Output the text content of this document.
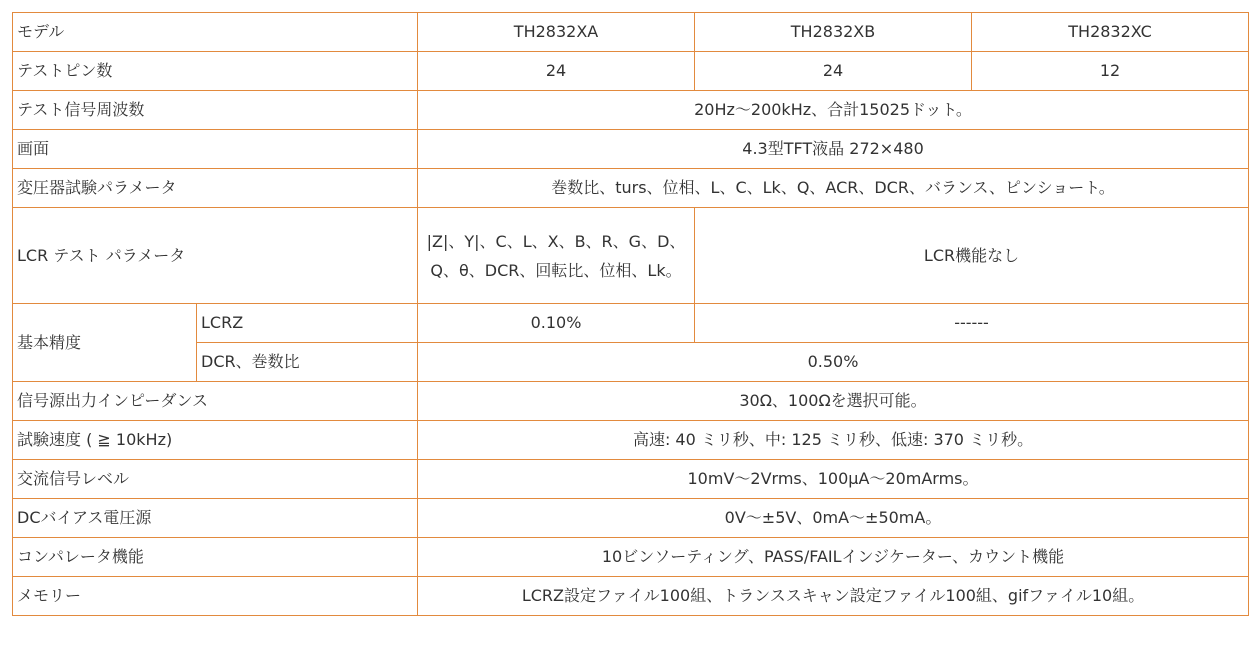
モデル		TH2832XA	TH2832XB	TH2832XC
テストピン数		24	24	12
テスト信号周波数		20Hz〜200kHz、合計15025ドット。		
画面		4.3型TFT液晶 272×480		
変圧器試験パラメータ		巻数比、turs、位相、L、C、Lk、Q、ACR、DCR、バランス、ピンショート。		
LCR テスト パラメータ		|Z|、Y|、C、L、X、B、R、G、D、Q、θ、DCR、回転比、位相、Lk。	LCR機能なし	
基本精度	LCRZ	0.10%	------	
	DCR、巻数比	0.50%		
信号源出力インピーダンス		30Ω、100Ωを選択可能。		
試験速度 ( ≧ 10kHz)		高速: 40 ミリ秒、中: 125 ミリ秒、低速: 370 ミリ秒。		
交流信号レベル		10mV〜2Vrms、100μA〜20mArms。		
DCバイアス電圧源		0V〜±5V、0mA〜±50mA。		
コンパレータ機能		10ビンソーティング、PASS/FAILインジケーター、カウント機能		
メモリー		LCRZ設定ファイル100組、トランススキャン設定ファイル100組、gifファイル10組。		
